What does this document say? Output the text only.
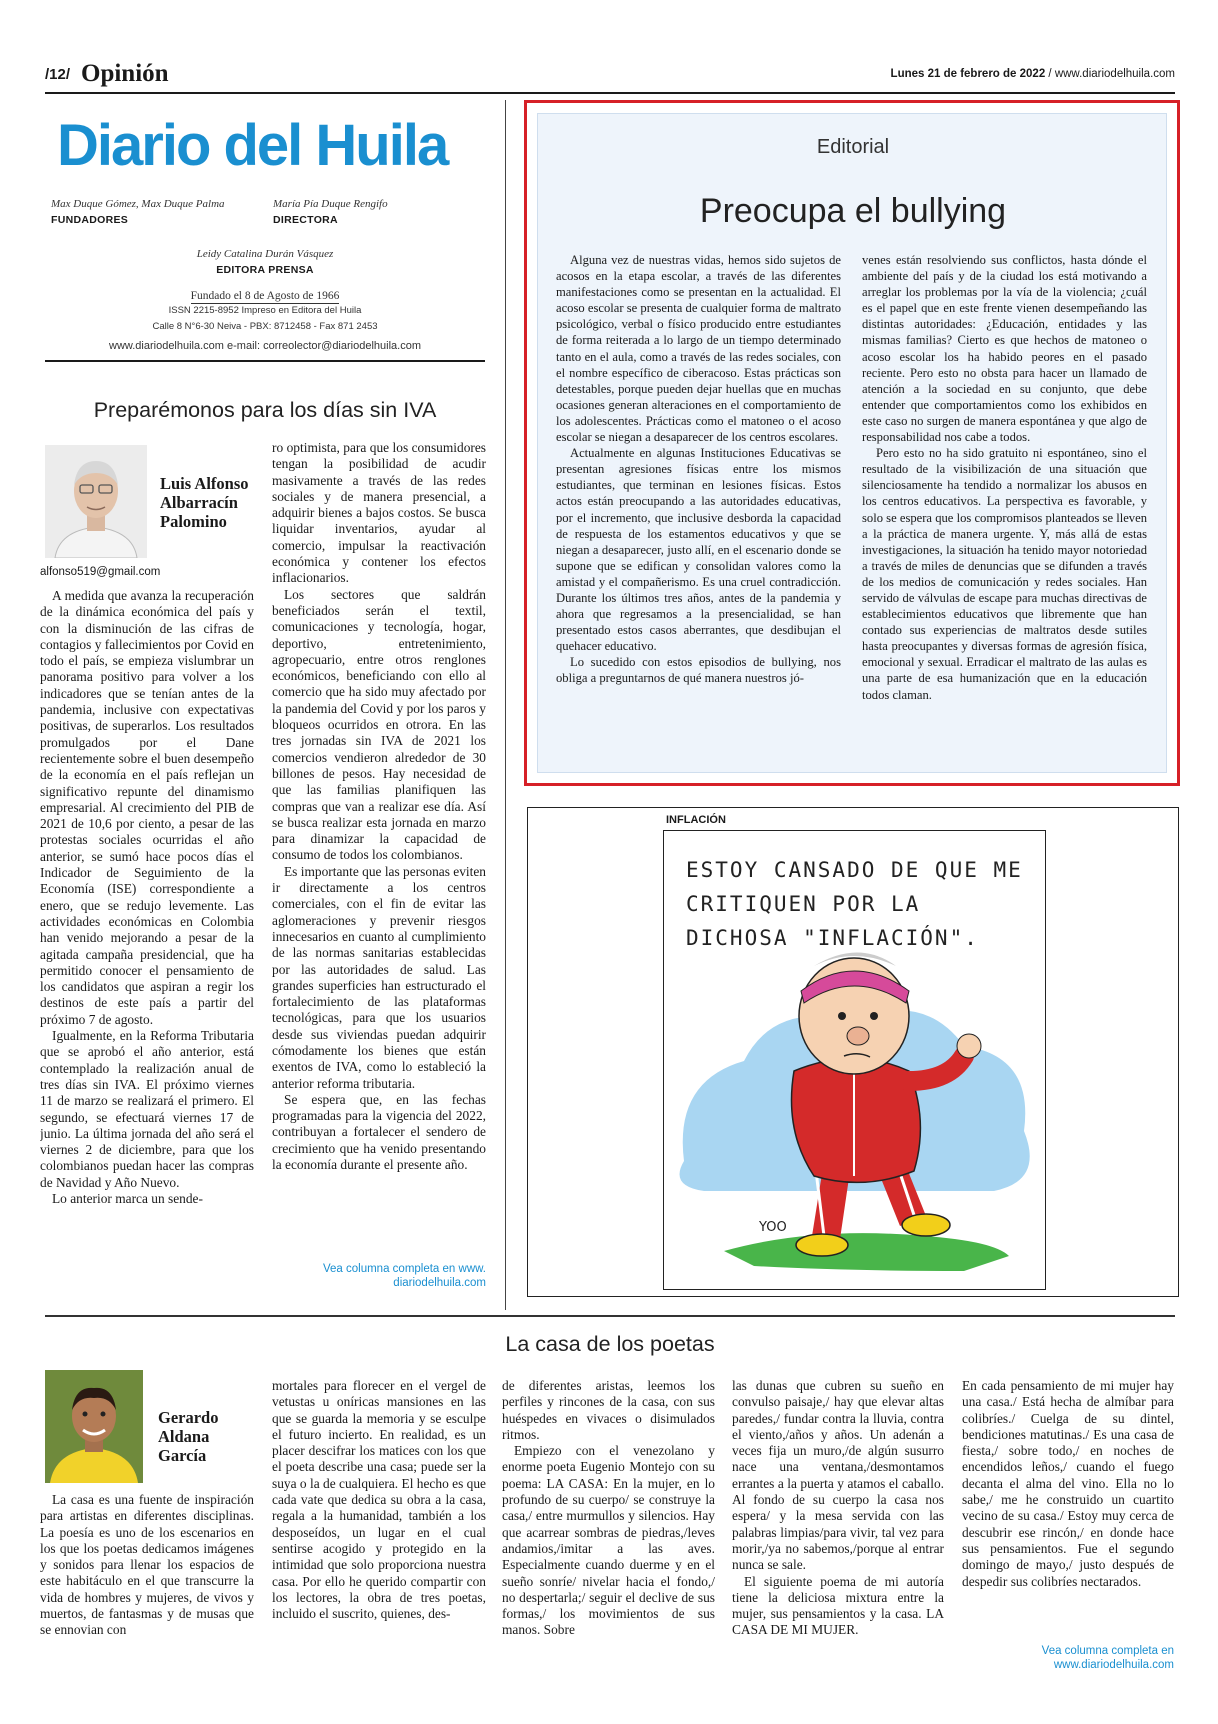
/12/ Opinión	Lunes 21 de febrero de 2022 / www.diariodelhuila.com
Diario del Huila
Max Duque Gómez, Max Duque Palma
FUNDADORES
María Pía Duque Rengifo
DIRECTORA
Leidy Catalina Durán Vásquez
EDITORA PRENSA
Fundado el 8 de Agosto de 1966
ISSN 2215-8952 Impreso en Editora del Huila
Calle 8 N°6-30 Neiva - PBX: 8712458 - Fax 871 2453
www.diariodelhuila.com e-mail: correolector@diariodelhuila.com
Editorial
Preocupa el bullying

Alguna vez de nuestras vidas, hemos sido sujetos de acosos en la etapa escolar, a través de las diferentes manifestaciones como se presentan en la actualidad. El acoso escolar se presenta de cualquier forma de maltrato psicológico, verbal o físico producido entre estudiantes de forma reiterada a lo largo de un tiempo determinado tanto en el aula, como a través de las redes sociales, con el nombre específico de ciberacoso. Estas prácticas son detestables, porque pueden dejar huellas que en muchas ocasiones generan alteraciones en el comportamiento de los adolescentes. Prácticas como el matoneo o el acoso escolar se niegan a desaparecer de los centros escolares.

Actualmente en algunas Instituciones Educativas se presentan agresiones físicas entre los mismos estudiantes, que terminan en lesiones físicas. Estos actos están preocupando a las autoridades educativas, por el incremento, que inclusive desborda la capacidad de respuesta de los estamentos educativos y que se niegan a desaparecer, justo allí, en el escenario donde se supone que se edifican y consolidan valores como la amistad y el compañerismo. Es una cruel contradicción. Durante los últimos tres años, antes de la pandemia y ahora que regresamos a la presencialidad, se han presentado estos casos aberrantes, que desdibujan el quehacer educativo.

Lo sucedido con estos episodios de bullying, nos obliga a preguntarnos de qué manera nuestros jó-

venes están resolviendo sus conflictos, hasta dónde el ambiente del país y de la ciudad los está motivando a arreglar los problemas por la vía de la violencia; ¿cuál es el papel que en este frente vienen desempeñando las distintas autoridades: ¿Educación, entidades y las mismas familias? Cierto es que hechos de matoneo o acoso escolar los ha habido peores en el pasado reciente. Pero esto no obsta para hacer un llamado de atención a la sociedad en su conjunto, que debe entender que comportamientos como los exhibidos en este caso no surgen de manera espontánea y que algo de responsabilidad nos cabe a todos.

Pero esto no ha sido gratuito ni espontáneo, sino el resultado de la visibilización de una situación que silenciosamente ha tendido a normalizar los abusos en los centros educativos. La perspectiva es favorable, y solo se espera que los compromisos planteados se lleven a la práctica de manera urgente. Y, más allá de estas investigaciones, la situación ha tenido mayor notoriedad a través de miles de denuncias que se difunden a través de los medios de comunicación y redes sociales. Han servido de válvulas de escape para muchas directivas de establecimientos educativos que libremente que han contado sus experiencias de maltratos desde sutiles hasta preocupantes y diversas formas de agresión física, emocional y sexual. Erradicar el maltrato de las aulas es una parte de esa humanización que en la educación todos claman.

Preparémonos para los días sin IVA
Luis Alfonso Albarracín Palomino
alfonso519@gmail.com

A medida que avanza la recuperación de la dinámica económica del país y con la disminución de las cifras de contagios y fallecimientos por Covid en todo el país, se empieza vislumbrar un panorama positivo para volver a los indicadores que se tenían antes de la pandemia, inclusive con expectativas positivas, de superarlos. Los resultados promulgados por el Dane recientemente sobre el buen desempeño de la economía en el país reflejan un significativo repunte del dinamismo empresarial. Al crecimiento del PIB de 2021 de 10,6 por ciento, a pesar de las protestas sociales ocurridas el año anterior, se sumó hace pocos días el Indicador de Seguimiento de la Economía (ISE) correspondiente a enero, que se redujo levemente. Las actividades económicas en Colombia han venido mejorando a pesar de la agitada campaña presidencial, que ha permitido conocer el pensamiento de los candidatos que aspiran a regir los destinos de este país a partir del próximo 7 de agosto.

Igualmente, en la Reforma Tributaria que se aprobó el año anterior, está contemplado la realización anual de tres días sin IVA. El próximo viernes 11 de marzo se realizará el primero. El segundo, se efectuará viernes 17 de junio. La última jornada del año será el viernes 2 de diciembre, para que los colombianos puedan hacer las compras de Navidad y Año Nuevo.

Lo anterior marca un sende-

ro optimista, para que los consumidores tengan la posibilidad de acudir masivamente a través de las redes sociales y de manera presencial, a adquirir bienes a bajos costos. Se busca liquidar inventarios, ayudar al comercio, impulsar la reactivación económica y contener los efectos inflacionarios.

Los sectores que saldrán beneficiados serán el textil, comunicaciones y tecnología, hogar, deportivo, entretenimiento, agropecuario, entre otros renglones económicos, beneficiando con ello al comercio que ha sido muy afectado por la pandemia del Covid y por los paros y bloqueos ocurridos en otrora. En las tres jornadas sin IVA de 2021 los comercios vendieron alrededor de 30 billones de pesos. Hay necesidad de que las familias planifiquen las compras que van a realizar ese día. Así se busca realizar esta jornada en marzo para dinamizar la capacidad de consumo de todos los colombianos.

Es importante que las personas eviten ir directamente a los centros comerciales, con el fin de evitar las aglomeraciones y prevenir riesgos innecesarios en cuanto al cumplimiento de las normas sanitarias establecidas por las autoridades de salud. Las grandes superficies han estructurado el fortalecimiento de las plataformas tecnológicas, para que los usuarios desde sus viviendas puedan adquirir cómodamente los bienes que están exentos de IVA, como lo estableció la anterior reforma tributaria.

Se espera que, en las fechas programadas para la vigencia del 2022, contribuyan a fortalecer el sendero de crecimiento que ha venido presentando la economía durante el presente año.

Vea columna completa en www. diariodelhuila.com
INFLACIÓN
ESTOY CANSADO DE QUE ME CRITIQUEN POR LA DICHOSA "INFLACIÓN".
YOO
La casa de los poetas
Gerardo Aldana García

La casa es una fuente de inspiración para artistas en diferentes disciplinas. La poesía es uno de los escenarios en los que los poetas dedicamos imágenes y sonidos para llenar los espacios de este habitáculo en el que transcurre la vida de hombres y mujeres, de vivos y muertos, de fantasmas y de musas que se ennovian con

mortales para florecer en el vergel de vetustas u oníricas mansiones en las que se guarda la memoria y se esculpe el futuro incierto. En realidad, es un placer descifrar los matices con los que el poeta describe una casa; puede ser la suya o la de cualquiera. El hecho es que cada vate que dedica su obra a la casa, regala a la humanidad, también a los desposeídos, un lugar en el cual sentirse acogido y protegido en la intimidad que solo proporciona nuestra casa. Por ello he querido compartir con los lectores, la obra de tres poetas, incluido el suscrito, quienes, des-

de diferentes aristas, leemos los perfiles y rincones de la casa, con sus huéspedes en vivaces o disimulados ritmos.

Empiezo con el venezolano y enorme poeta Eugenio Montejo con su poema: LA CASA: En la mujer, en lo profundo de su cuerpo/ se construye la casa,/ entre murmullos y silencios. Hay que acarrear sombras de piedras,/leves andamios,/imitar a las aves. Especialmente cuando duerme y en el sueño sonríe/ nivelar hacia el fondo,/ no despertarla;/ seguir el declive de sus formas,/ los movimientos de sus manos. Sobre

las dunas que cubren su sueño en convulso paisaje,/ hay que elevar altas paredes,/ fundar contra la lluvia, contra el viento,/años y años. Un adenán a veces fija un muro,/de algún susurro nace una ventana,/desmontamos errantes a la puerta y atamos el caballo. Al fondo de su cuerpo la casa nos espera/ y la mesa servida con las palabras limpias/para vivir, tal vez para morir,/ya no sabemos,/porque al entrar nunca se sale.

El siguiente poema de mi autoría tiene la deliciosa mixtura entre la mujer, sus pensamientos y la casa. LA CASA DE MI MUJER.

En cada pensamiento de mi mujer hay una casa./ Está hecha de almíbar para colibríes./ Cuelga de su dintel, bendiciones matutinas./ Es una casa de fiesta,/ sobre todo,/ en noches de encendidos leños,/ cuando el fuego decanta el alma del vino. Ella no lo sabe,/ me he construido un cuartito vecino de su casa./ Estoy muy cerca de descubrir ese rincón,/ en donde hace sus pensamientos. Fue el segundo domingo de mayo,/ justo después de despedir sus colibríes nectarados.

Vea columna completa en www.diariodelhuila.com
